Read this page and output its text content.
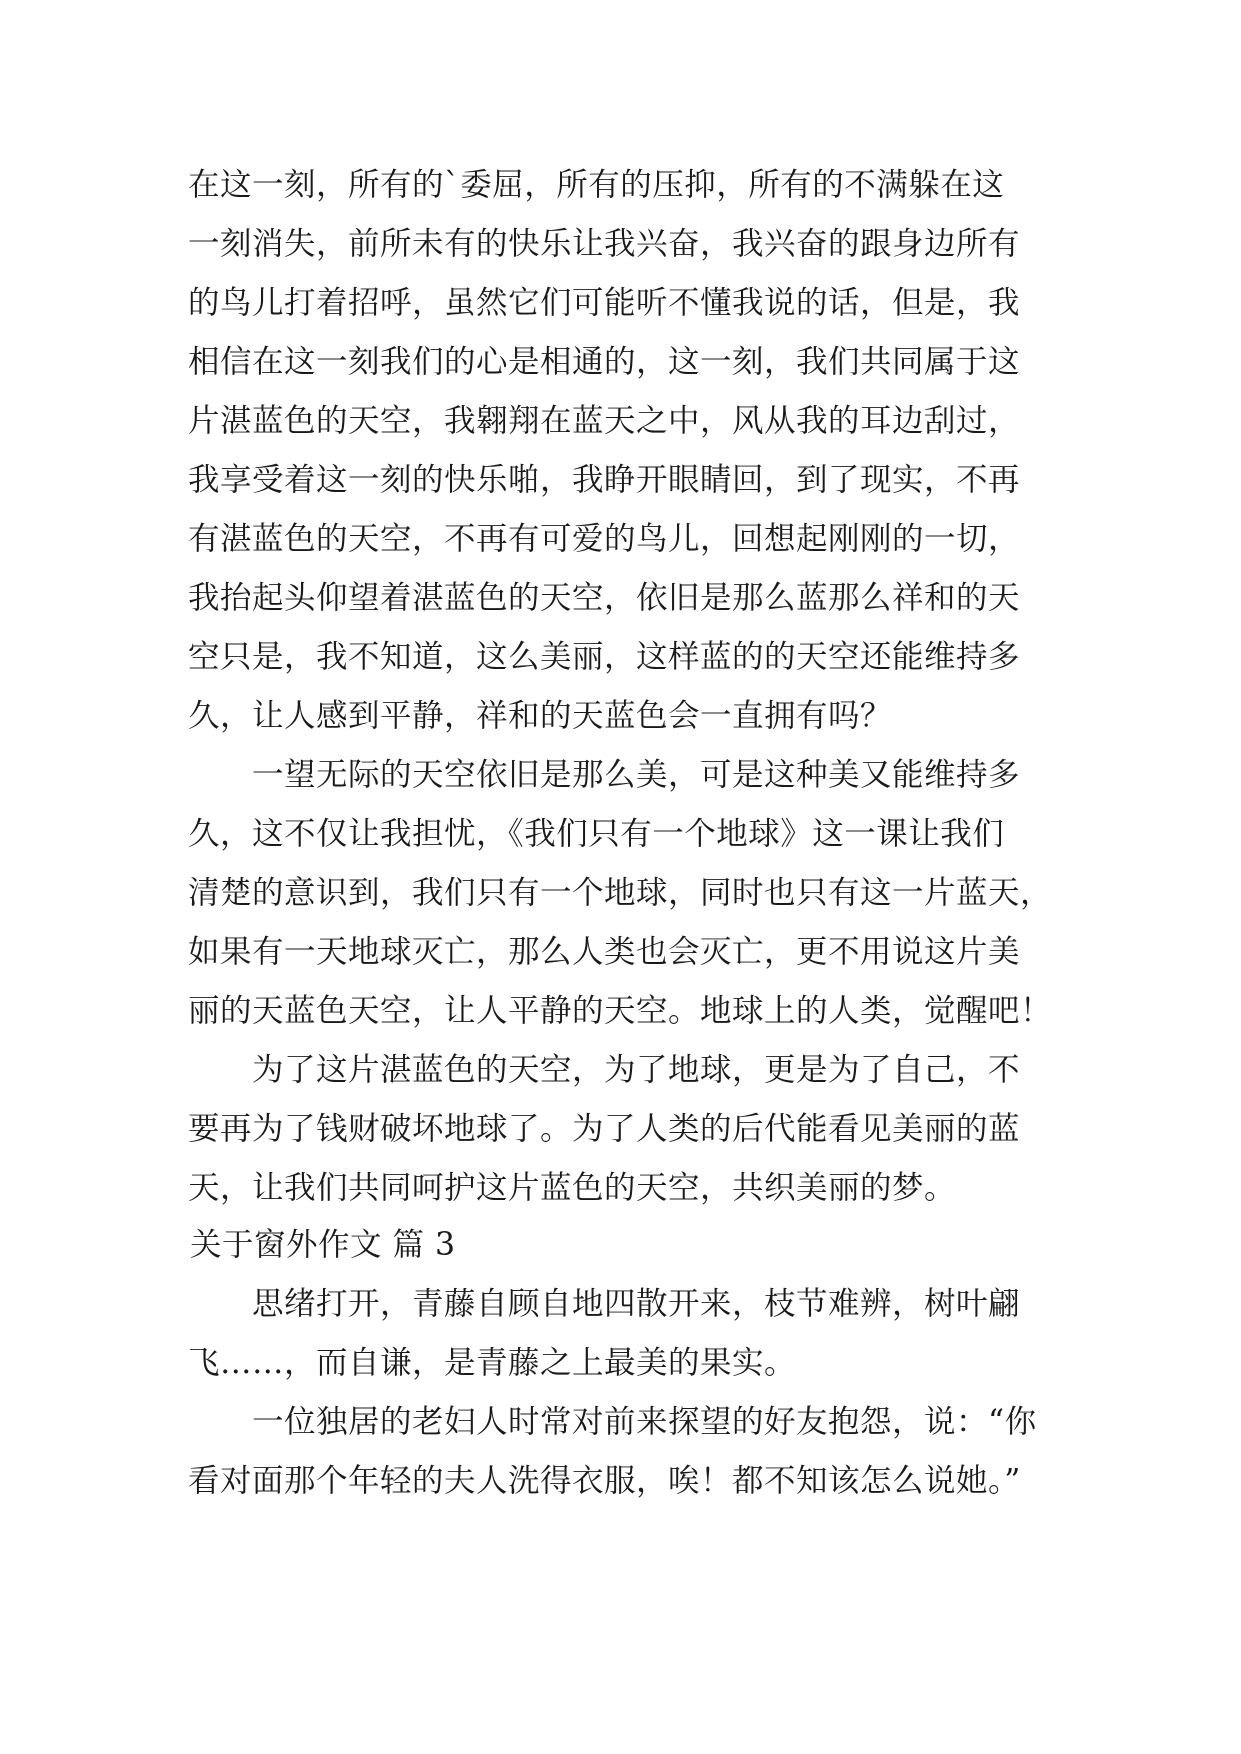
在这一刻，所有的`委屈，所有的压抑，所有的不满躲在这
一刻消失，前所未有的快乐让我兴奋，我兴奋的跟身边所有
的鸟儿打着招呼，虽然它们可能听不懂我说的话，但是，我
相信在这一刻我们的心是相通的，这一刻，我们共同属于这
片湛蓝色的天空，我翱翔在蓝天之中，风从我的耳边刮过，
我享受着这一刻的快乐啪，我睁开眼睛回，到了现实，不再
有湛蓝色的天空，不再有可爱的鸟儿，回想起刚刚的一切，
我抬起头仰望着湛蓝色的天空，依旧是那么蓝那么祥和的天
空只是，我不知道，这么美丽，这样蓝的的天空还能维持多
久，让人感到平静，祥和的天蓝色会一直拥有吗？
　　一望无际的天空依旧是那么美，可是这种美又能维持多
久，这不仅让我担忧，《我们只有一个地球》这一课让我们
清楚的意识到，我们只有一个地球，同时也只有这一片蓝天，
如果有一天地球灭亡，那么人类也会灭亡，更不用说这片美
丽的天蓝色天空，让人平静的天空。地球上的人类，觉醒吧！
　　为了这片湛蓝色的天空，为了地球，更是为了自己，不
要再为了钱财破坏地球了。为了人类的后代能看见美丽的蓝
天，让我们共同呵护这片蓝色的天空，共织美丽的梦。
关于窗外作文 篇 3
　　思绪打开，青藤自顾自地四散开来，枝节难辨，树叶翩
飞……，而自谦，是青藤之上最美的果实。
　　一位独居的老妇人时常对前来探望的好友抱怨，说：“你
看对面那个年轻的夫人洗得衣服，唉！都不知该怎么说她。”
